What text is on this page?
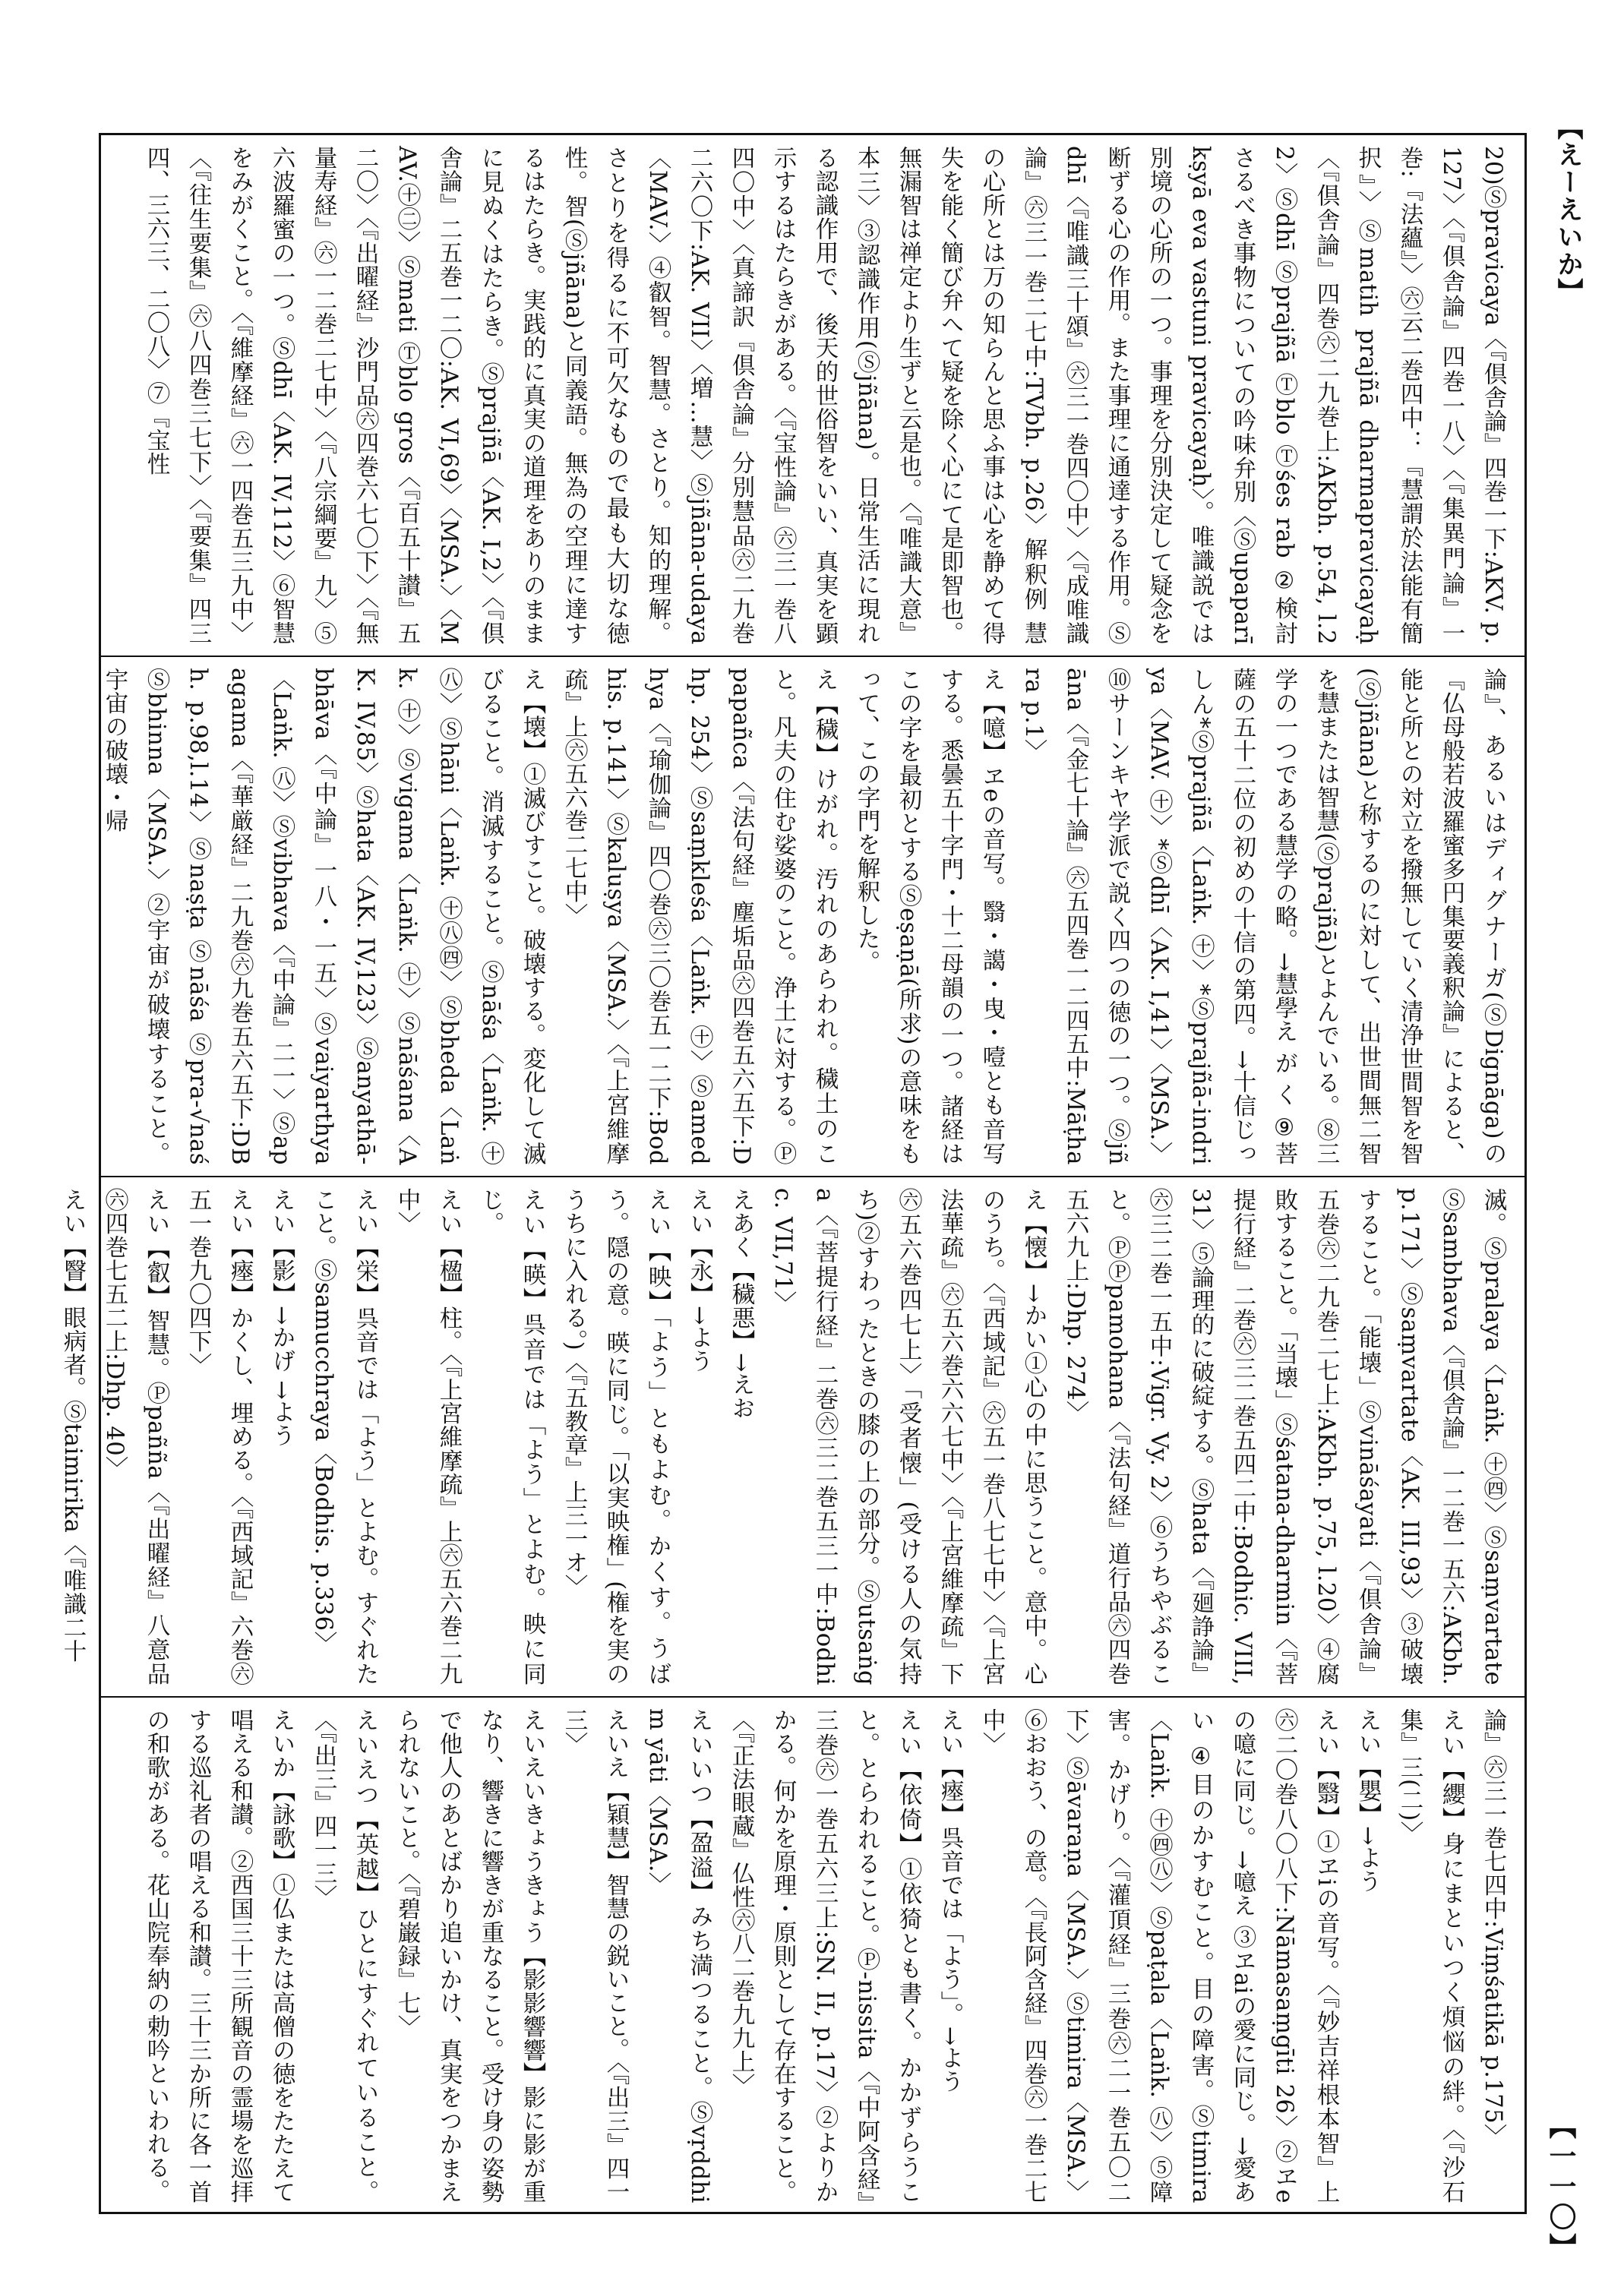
【えーえいか】
20)Ⓢpravicaya〈『倶舎論』四巻一下:AKV. p.127〉〈『倶舎論』四巻一八〉〈『集異門論』一巻:『法蘊』〉㊅云二巻四中：『慧謂於法能有簡択』〉Ⓢmatih prajñā dharmapravicayaḥ〈『倶舎論』四巻㊅二九巻上:AKbh. p.54, l.22〉Ⓢdhī Ⓢprajñā Ⓣblo Ⓣśes rab ②検討さるべき事物についての吟味弁別〈Ⓢupaparīkṣyā eva vastuni pravicayaḥ〉。唯識説では別境の心所の一つ。事理を分別決定して疑念を断ずる心の作用。また事理に通達する作用。Ⓢdhī〈『唯識三十頌』㊅三一巻四〇中〉〈『成唯識論』㊅三一巻二七中:TVbh. p.26〉解釈例 慧の心所とは万の知らんと思ふ事は心を静めて得失を能く簡び弁へて疑を除く心にて是即智也。無漏智は禅定より生ずと云是也。〈『唯識大意』本三〉③認識作用(Ⓢjñāna)。日常生活に現れる認識作用で、後天的世俗智をいい、真実を顕示するはたらきがある。〈『宝性論』㊅三一巻八四〇中〉〈真諦訳『倶舎論』分別慧品㊅二九巻二六〇下:AK. VII〉〈増…慧〉Ⓢjñāna-udaya〈MAV.〉④叡智。智慧。さとり。知的理解。さとりを得るに不可欠なもので最も大切な徳性。智(Ⓢjñāna)と同義語。無為の空理に達するはたらき。実践的に真実の道理をありのままに見ぬくはたらき。Ⓢprajñā〈AK. I,2〉〈『倶舎論』二五巻一二〇:AK. VI,69〉〈MSA.〉〈MAV.㊉㊁〉Ⓢmati Ⓣblo gros〈『百五十讃』五二〇〉〈『出曜経』沙門品㊅四巻六七〇下〉〈『無量寿経』㊅一二巻二七中〉〈『八宗綱要』九〉⑤六波羅蜜の一つ。Ⓢdhī〈AK. IV,112〉⑥智慧をみがくこと。〈『維摩経』㊅一四巻五三九中〉〈『往生要集』㊅八四巻三七下〉〈『要集』四三四、三六三、二〇八〉⑦『宝性
論』、あるいはディグナーガ(ⓈDignāga)の『仏母般若波羅蜜多円集要義釈論』によると、能と所との対立を撥無していく清浄世間智を智(Ⓢjñāna)と称するのに対して、出世間無二智を慧または智慧(Ⓢprajñā)とよんでいる。⑧三学の一つである慧学の略。→慧學え が く ⑨菩薩の五十二位の初めの十信の第四。→十信じっしん*Ⓢprajñā〈Laṅk. ㊉〉*Ⓢprajñā-indriya〈MAV. ㊉〉*Ⓢdhī〈AK. I,41〉〈MSA.〉⑩サーンキヤ学派で説く四つの徳の一つ。Ⓢjñāna〈『金七十論』㊅五四巻一二四五中:Māṭhara p.1〉
え【噫】ヱeの音写。翳・譪・曳・噎とも音写する。悉曇五十字門・十二母韻の一つ。諸経はこの字を最初とするⓈeṣaṇā(所求)の意味をもって、この字門を解釈した。
え【穢】けがれ。汚れのあらわれ。穢土のこと。凡夫の住む娑婆のこと。浄土に対する。Ⓟpapañca〈『法句経』塵垢品㊅四巻五六五下:Dhp. 254〉Ⓢsaṃkleśa〈Laṅk. ㊉〉Ⓢamedhya〈『瑜伽論』四〇巻㊅三〇巻五一二下:Bodhis. p.141〉Ⓢkaluṣya〈MSA.〉〈『上宮維摩疏』上㊅五六巻二七中〉
え【壊】①滅びすこと。破壊する。変化して滅びること。消滅すること。Ⓢnāśa〈Laṅk. ㊉㊇〉Ⓢhāni〈Laṅk. ㊉㊇㊃〉Ⓢbheda〈Laṅk. ㊉〉Ⓢvigama〈Laṅk. ㊉〉Ⓢnāśana〈AK. IV,85〉Ⓢhata〈AK. IV,123〉Ⓢanyathā-bhāva〈『中論』一八・一五〉Ⓢvaiyarthya〈Laṅk. ㊇〉Ⓢvibhava〈『中論』二一〉Ⓢapagama〈『華厳経』二九巻㊅九巻五六五下:DBh. p.98,l.14〉Ⓢnaṣṭa Ⓢnāśa Ⓢpra-√naś Ⓢbhinna〈MSA.〉②宇宙が破壊すること。宇宙の破壊・帰
滅。Ⓢpralaya〈Laṅk. ㊉㊃〉Ⓢsaṃvartate Ⓢsambhava〈『倶舎論』一二巻一五六:AKbh. p.171〉Ⓢsaṃvartate〈AK. III,93〉③破壊すること。「能壊」Ⓢvināśayati〈『倶舎論』五巻㊅二九巻二七上:AKbh. p.75, l.20〉④腐敗すること。「当壊」Ⓢśatana-dharmin〈『菩提行経』二巻㊅三二巻五四二中:Bodhic. VIII,31〉⑤論理的に破綻する。Ⓢhata〈『廻諍論』㊅三二巻一五中:Vigr. Vy. 2〉⑥うちやぶること。ⓅⓅpamohana〈『法句経』道行品㊅四巻五六九上:Dhp. 274〉
え【懐】→かい①心の中に思うこと。意中。心のうち。〈『西域記』㊅五一巻八七七中〉〈『上宮法華疏』㊅五六巻六六七中〉〈『上宮維摩疏』下㊅五六巻四七上〉「受者懐」(受ける人の気持ち)②すわったときの膝の上の部分。Ⓢutsaṅga〈『菩提行経』二巻㊅三二巻五三一中:Bodhic. VII,71〉
えあく【穢悪】→えお
えい【永】→よう
えい【映】「よう」ともよむ。かくす。うばう。隠の意。暎に同じ。「以実映権」(権を実のうちに入れる。)〈『五教章』上三一オ〉
えい【暎】呉音では「よう」とよむ。映に同じ。
えい【楹】柱。〈『上宮維摩疏』上㊅五六巻二九中〉
えい【栄】呉音では「よう」とよむ。すぐれたこと。Ⓢsamucchraya〈Bodhis. p.336〉
えい【影】→かげ →よう
えい【瘞】かくし、埋める。〈『西域記』六巻㊅五一巻九〇四下〉
えい【叡】智慧。Ⓟpañña〈『出曜経』八意品㊅四巻七五二上:Dhp. 40〉
えい【瞖】眼病者。Ⓢtaimirika〈『唯識二十
論』㊅三一巻七四中:Viṃśatikā p.175〉
えい【纓】身にまといつく煩悩の絆。〈『沙石集』三(二)〉
えい【嬰】→よう
えい【翳】①ヱiの音写。〈『妙吉祥根本智』上㊅二〇巻八〇八下:Nāmasaṃgīti 26〉②ヱeの噫に同じ。→噫え ③ヱaiの愛に同じ。→愛あい ④目のかすむこと。目の障害。Ⓢtimira〈Laṅk. ㊉㊃㊇〉Ⓢpaṭala〈Laṅk. ㊇〉⑤障害。かげり。〈『灌頂経』三巻㊅二一巻五〇二下〉Ⓢāvaraṇa〈MSA.〉Ⓢtimira〈MSA.〉⑥おおう、の意。〈『長阿含経』四巻㊅一巻二七中〉
えい【瘞】呉音では「よう」。→よう
えい【依倚】①依猗とも書く。かかずらうこと。とらわれること。Ⓟ-nissita〈『中阿含経』三巻㊅一巻五六三上:SN. II, p.17〉②よりかかる。何かを原理・原則として存在すること。〈『正法眼蔵』仏性㊅八二巻九九上〉
えいいつ【盈溢】みち満つること。Ⓢvṛddhim yāti〈MSA.〉
えいえ【穎慧】智慧の鋭いこと。〈『出三』四一三〉
えいえいきょうきょう【影影響響】影に影が重なり、響きに響きが重なること。受け身の姿勢で他人のあとばかり追いかけ、真実をつかまえられないこと。〈『碧巌録』七〉
えいえつ【英越】ひとにすぐれていること。〈『出三』四一三〉
えいか【詠歌】①仏または高僧の徳をたたえて唱える和讃。②西国三十三所観音の霊場を巡拝する巡礼者の唱える和讃。三十三か所に各一首の和歌がある。花山院奉納の勅吟といわれる。	【一一〇】
